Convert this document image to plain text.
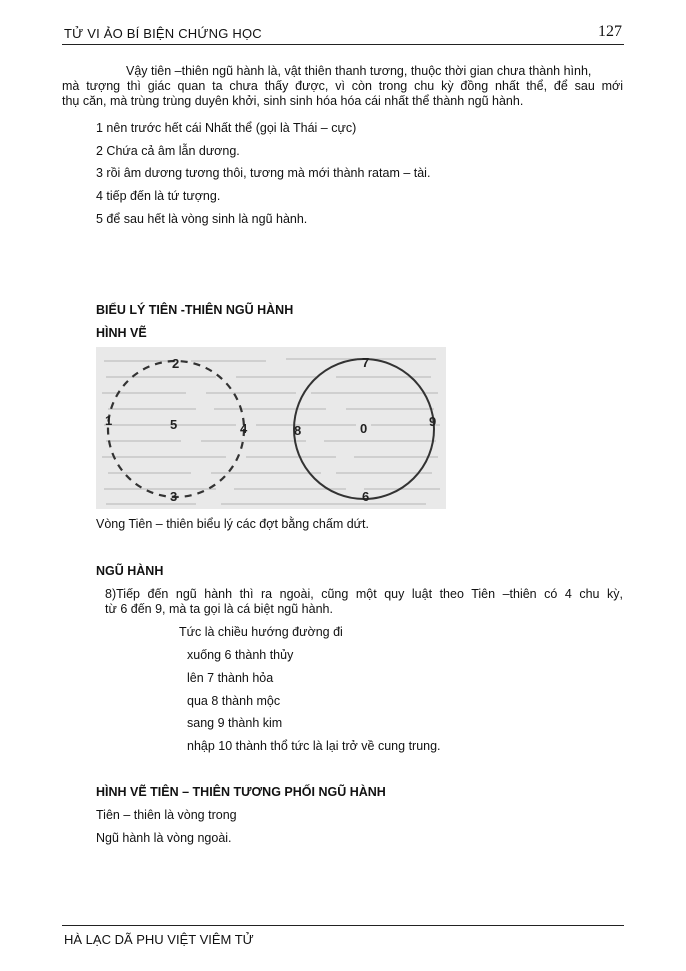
TỬ VI ẢO BÍ BIỆN CHỨNG HỌC	127
Vậy tiên –thiên ngũ hành là, vật thiên thanh tương, thuộc thời gian chưa thành hình,
mà tượng thì giác quan ta chưa thấy được, vì còn trong chu kỳ đồng nhất thể, để sau mới
thụ căn, mà trùng trùng duyên khởi, sinh sinh hóa hóa cái nhất thể thành ngũ hành.
1 nên trước hết cái Nhất thể (gọi là Thái – cực)
2 Chứa cả âm lẫn dương.
3 rồi âm dương tương thôi, tương mà mới thành ratam – tài.
4 tiếp đến là tứ tượng.
5 để sau hết là vòng sinh là ngũ hành.
BIỂU LÝ TIÊN -THIÊN NGŨ HÀNH
HÌNH VẼ
2
1	5	4
3
7
8	0	9
6
Vòng Tiên – thiên biểu lý các đợt bằng chấm dứt.
NGŨ HÀNH
8)Tiếp đến ngũ hành thì ra ngoài, cũng một quy luật theo Tiên –thiên có 4 chu kỳ,
từ 6 đến 9, mà ta gọi là cá biệt ngũ hành.
Tức là chiều hướng đường đi
xuống 6 thành thủy
lên 7 thành hỏa
qua 8 thành mộc
sang 9 thành kim
nhập 10 thành thổ tức là lại trở về cung trung.
HÌNH VẼ TIÊN – THIÊN TƯƠNG PHỐI NGŨ HÀNH
Tiên – thiên là vòng trong
Ngũ hành là vòng ngoài.
HÀ LẠC DÃ PHU VIỆT VIÊM TỬ
